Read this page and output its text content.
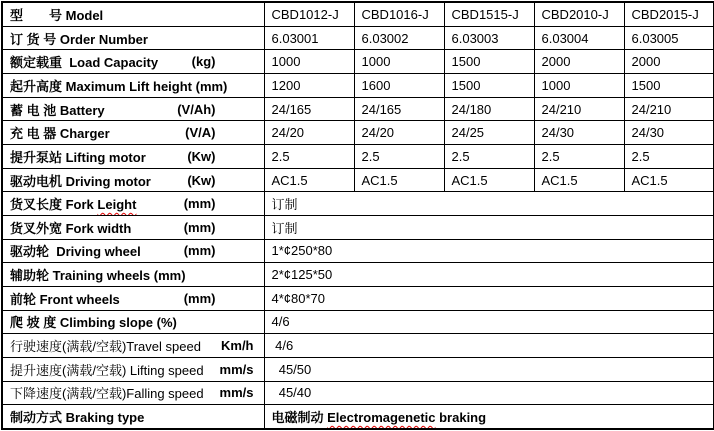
型　　号 Model	CBD1012-J	CBD1016-J	CBD1515-J	CBD2010-J	CBD2015-J

订 货 号 Order Number	6.03001	6.03002	6.03003	6.03004	6.03005

额定载重  Load Capacity (kg)	1000	1000	1500	2000	2000

起升高度 Maximum Lift height (mm)	1200	1600	1500	1000	1500

蓄 电 池 Battery (V/Ah)	24/165	24/165	24/180	24/210	24/210

充 电 器 Charger (V/A)	24/20	24/20	24/25	24/30	24/30

提升泵站 Lifting motor (Kw)	2.5	2.5	2.5	2.5	2.5

驱动电机 Driving motor (Kw)	AC1.5	AC1.5	AC1.5	AC1.5	AC1.5

货叉长度 Fork Leight (mm)	订制				

货叉外宽 Fork width (mm)	订制				

驱动轮  Driving wheel (mm)	1*¢250*80				

辅助轮 Training wheels (mm)	2*¢125*50				

前轮 Front wheels (mm)	4*¢80*70				

爬 坡 度 Climbing slope (%)	4/6				

行驶速度(满载/空载)Travel speed Km/h	4/6				

提升速度(满载/空载) Lifting speed mm/s	45/50				

下降速度(满载/空载)Falling speed mm/s	45/40				

制动方式 Braking type	电磁制动 Electromagenetic braking				
